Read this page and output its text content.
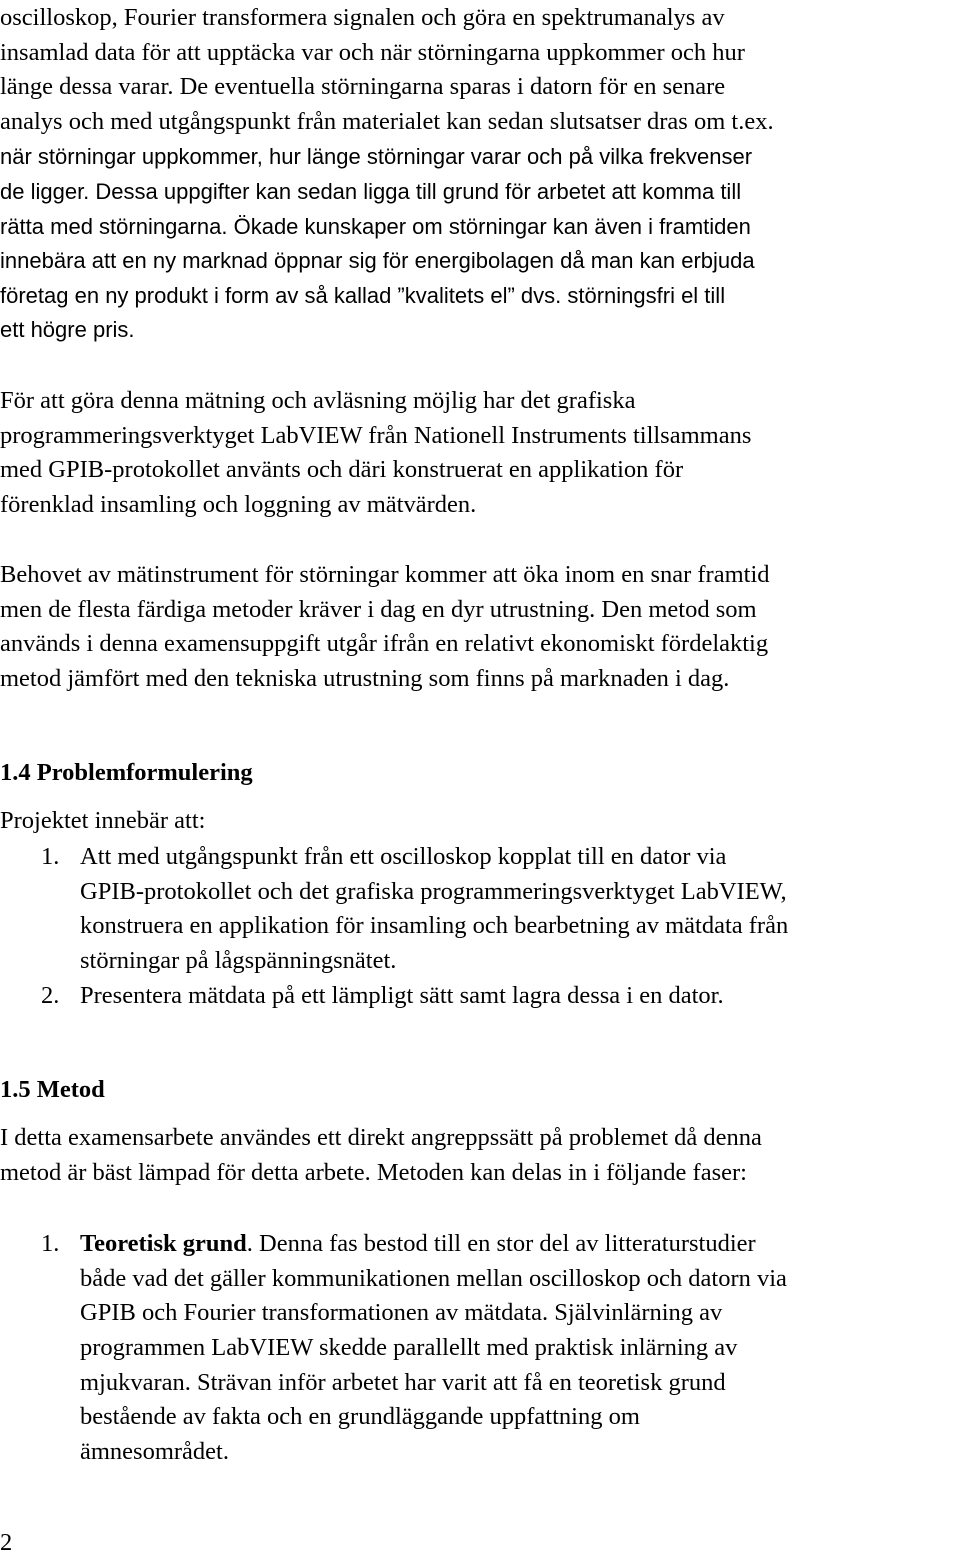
oscilloskop, Fourier transformera signalen och göra en spektrumanalys av
insamlad data för att upptäcka var och när störningarna uppkommer och hur
länge dessa varar. De eventuella störningarna sparas i datorn för en senare
analys och med utgångspunkt från materialet kan sedan slutsatser dras om t.ex.
när störningar uppkommer, hur länge störningar varar och på vilka frekvenser
de ligger. Dessa uppgifter kan sedan ligga till grund för arbetet att komma till
rätta med störningarna. Ökade kunskaper om störningar kan även i framtiden
innebära att en ny marknad öppnar sig för energibolagen då man kan erbjuda
företag en ny produkt i form av så kallad ”kvalitets el” dvs. störningsfri el till
ett högre pris.
För att göra denna mätning och avläsning möjlig har det grafiska
programmeringsverktyget LabVIEW från Nationell Instruments tillsammans
med GPIB-protokollet använts och däri konstruerat en applikation för
förenklad insamling och loggning av mätvärden.
Behovet av mätinstrument för störningar kommer att öka inom en snar framtid
men de flesta färdiga metoder kräver i dag en dyr utrustning. Den metod som
används i denna examensuppgift utgår ifrån en relativt ekonomiskt fördelaktig
metod jämfört med den tekniska utrustning som finns på marknaden i dag.
1.4 Problemformulering
Projektet innebär att:
1. Att med utgångspunkt från ett oscilloskop kopplat till en dator via
GPIB-protokollet och det grafiska programmeringsverktyget LabVIEW,
konstruera en applikation för insamling och bearbetning av mätdata från
störningar på lågspänningsnätet.
2. Presentera mätdata på ett lämpligt sätt samt lagra dessa i en dator.
1.5 Metod
I detta examensarbete användes ett direkt angreppssätt på problemet då denna
metod är bäst lämpad för detta arbete. Metoden kan delas in i följande faser:
1. Teoretisk grund. Denna fas bestod till en stor del av litteraturstudier
både vad det gäller kommunikationen mellan oscilloskop och datorn via
GPIB och Fourier transformationen av mätdata. Självinlärning av
programmen LabVIEW skedde parallellt med praktisk inlärning av
mjukvaran. Strävan inför arbetet har varit att få en teoretisk grund
bestående av fakta och en grundläggande uppfattning om
ämnesområdet.
2
